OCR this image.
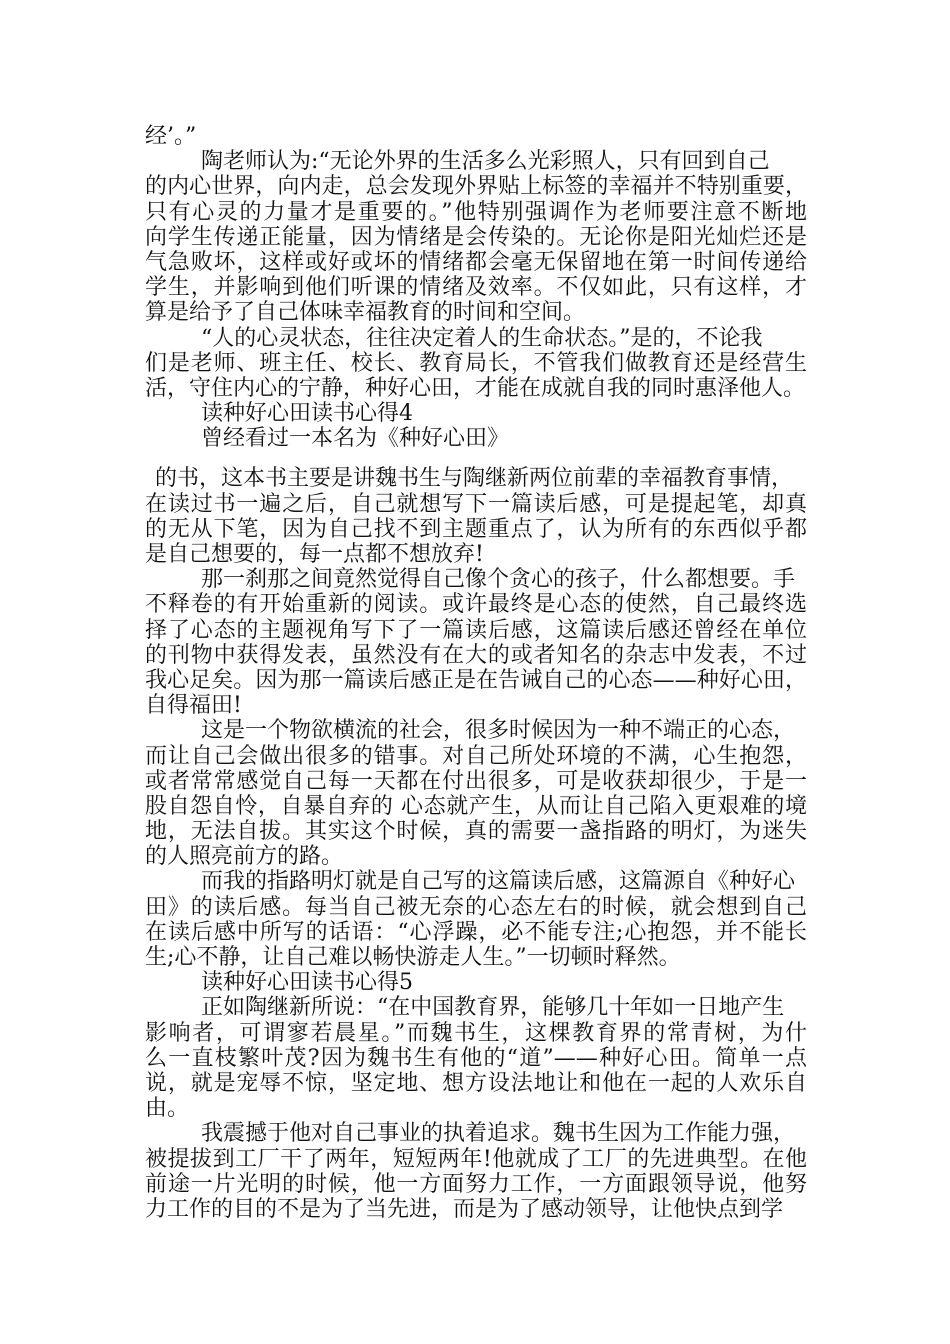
经’。”
陶老师认为:“无论外界的生活多么光彩照人，只有回到自己
的内心世界，向内走，总会发现外界贴上标签的幸福并不特别重要，
只有心灵的力量才是重要的。”他特别强调作为老师要注意不断地
向学生传递正能量，因为情绪是会传染的。无论你是阳光灿烂还是
气急败坏，这样或好或坏的情绪都会毫无保留地在第一时间传递给
学生，并影响到他们听课的情绪及效率。不仅如此，只有这样，才
算是给予了自己体味幸福教育的时间和空间。
“人的心灵状态，往往决定着人的生命状态。”是的，不论我
们是老师、班主任、校长、教育局长，不管我们做教育还是经营生
活，守住内心的宁静，种好心田，才能在成就自我的同时惠泽他人。
读种好心田读书心得4
曾经看过一本名为《种好心田》
的书，这本书主要是讲魏书生与陶继新两位前辈的幸福教育事情，
在读过书一遍之后，自己就想写下一篇读后感，可是提起笔，却真
的无从下笔，因为自己找不到主题重点了，认为所有的东西似乎都
是自己想要的，每一点都不想放弃!
那一刹那之间竟然觉得自己像个贪心的孩子，什么都想要。手
不释卷的有开始重新的阅读。或许最终是心态的使然，自己最终选
择了心态的主题视角写下了一篇读后感，这篇读后感还曾经在单位
的刊物中获得发表，虽然没有在大的或者知名的杂志中发表，不过
我心足矣。因为那一篇读后感正是在告诫自己的心态——种好心田，
自得福田!
这是一个物欲横流的社会，很多时候因为一种不端正的心态，
而让自己会做出很多的错事。对自己所处环境的不满，心生抱怨，
或者常常感觉自己每一天都在付出很多，可是收获却很少，于是一
股自怨自怜，自暴自弃的 心态就产生，从而让自己陷入更艰难的境
地，无法自拔。其实这个时候，真的需要一盏指路的明灯，为迷失
的人照亮前方的路。
而我的指路明灯就是自己写的这篇读后感，这篇源自《种好心
田》的读后感。每当自己被无奈的心态左右的时候，就会想到自己
在读后感中所写的话语：“心浮躁，必不能专注;心抱怨，并不能长
生;心不静，让自己难以畅快游走人生。”一切顿时释然。
读种好心田读书心得5
正如陶继新所说：“在中国教育界，能够几十年如一日地产生
影响者，可谓寥若晨星。”而魏书生，这棵教育界的常青树，为什
么一直枝繁叶茂?因为魏书生有他的“道”——种好心田。简单一点
说，就是宠辱不惊，坚定地、想方设法地让和他在一起的人欢乐自
由。
我震撼于他对自己事业的执着追求。魏书生因为工作能力强，
被提拔到工厂干了两年，短短两年!他就成了工厂的先进典型。在他
前途一片光明的时候，他一方面努力工作，一方面跟领导说，他努
力工作的目的不是为了当先进，而是为了感动领导，让他快点到学
